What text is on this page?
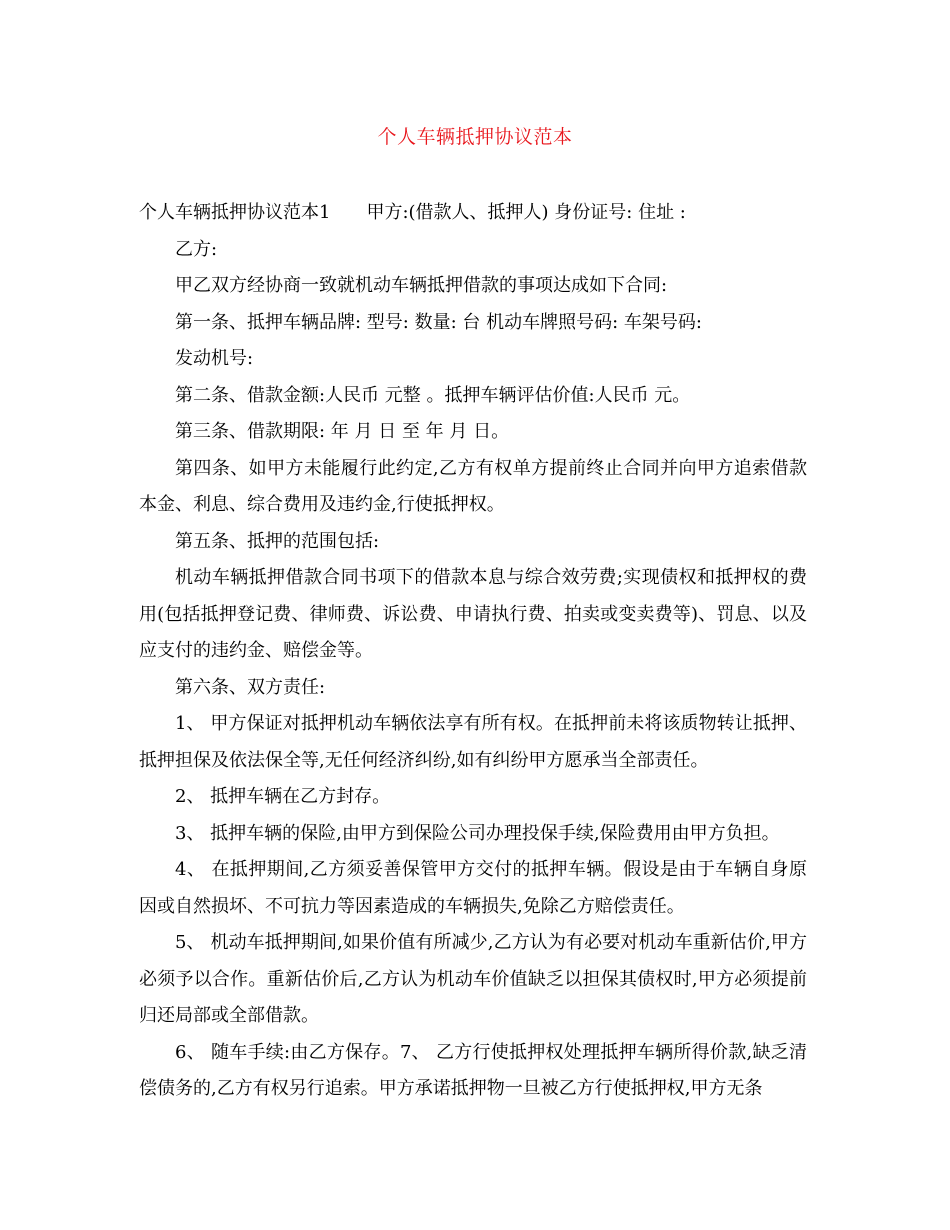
个人车辆抵押协议范本

个人车辆抵押协议范本1 甲方:(借款人、抵押人) 身份证号: 住址 :

乙方:

甲乙双方经协商一致就机动车辆抵押借款的事项达成如下合同:

第一条、抵押车辆品牌: 型号: 数量: 台 机动车牌照号码: 车架号码:

发动机号:

第二条、借款金额:人民币 元整 。抵押车辆评估价值:人民币 元。

第三条、借款期限: 年 月 日 至 年 月 日。

第四条、如甲方未能履行此约定,乙方有权单方提前终止合同并向甲方追索借款本金、利息、综合费用及违约金,行使抵押权。

第五条、抵押的范围包括:

机动车辆抵押借款合同书项下的借款本息与综合效劳费;实现债权和抵押权的费用(包括抵押登记费、律师费、诉讼费、申请执行费、拍卖或变卖费等)、罚息、以及应支付的违约金、赔偿金等。

第六条、双方责任:

1、 甲方保证对抵押机动车辆依法享有所有权。在抵押前未将该质物转让抵押、抵押担保及依法保全等,无任何经济纠纷,如有纠纷甲方愿承当全部责任。

2、 抵押车辆在乙方封存。

3、 抵押车辆的保险,由甲方到保险公司办理投保手续,保险费用由甲方负担。

4、 在抵押期间,乙方须妥善保管甲方交付的抵押车辆。假设是由于车辆自身原因或自然损坏、不可抗力等因素造成的车辆损失,免除乙方赔偿责任。

5、 机动车抵押期间,如果价值有所减少,乙方认为有必要对机动车重新估价,甲方必须予以合作。重新估价后,乙方认为机动车价值缺乏以担保其债权时,甲方必须提前归还局部或全部借款。

6、 随车手续:由乙方保存。7、 乙方行使抵押权处理抵押车辆所得价款,缺乏清偿债务的,乙方有权另行追索。甲方承诺抵押物一旦被乙方行使抵押权,甲方无条
